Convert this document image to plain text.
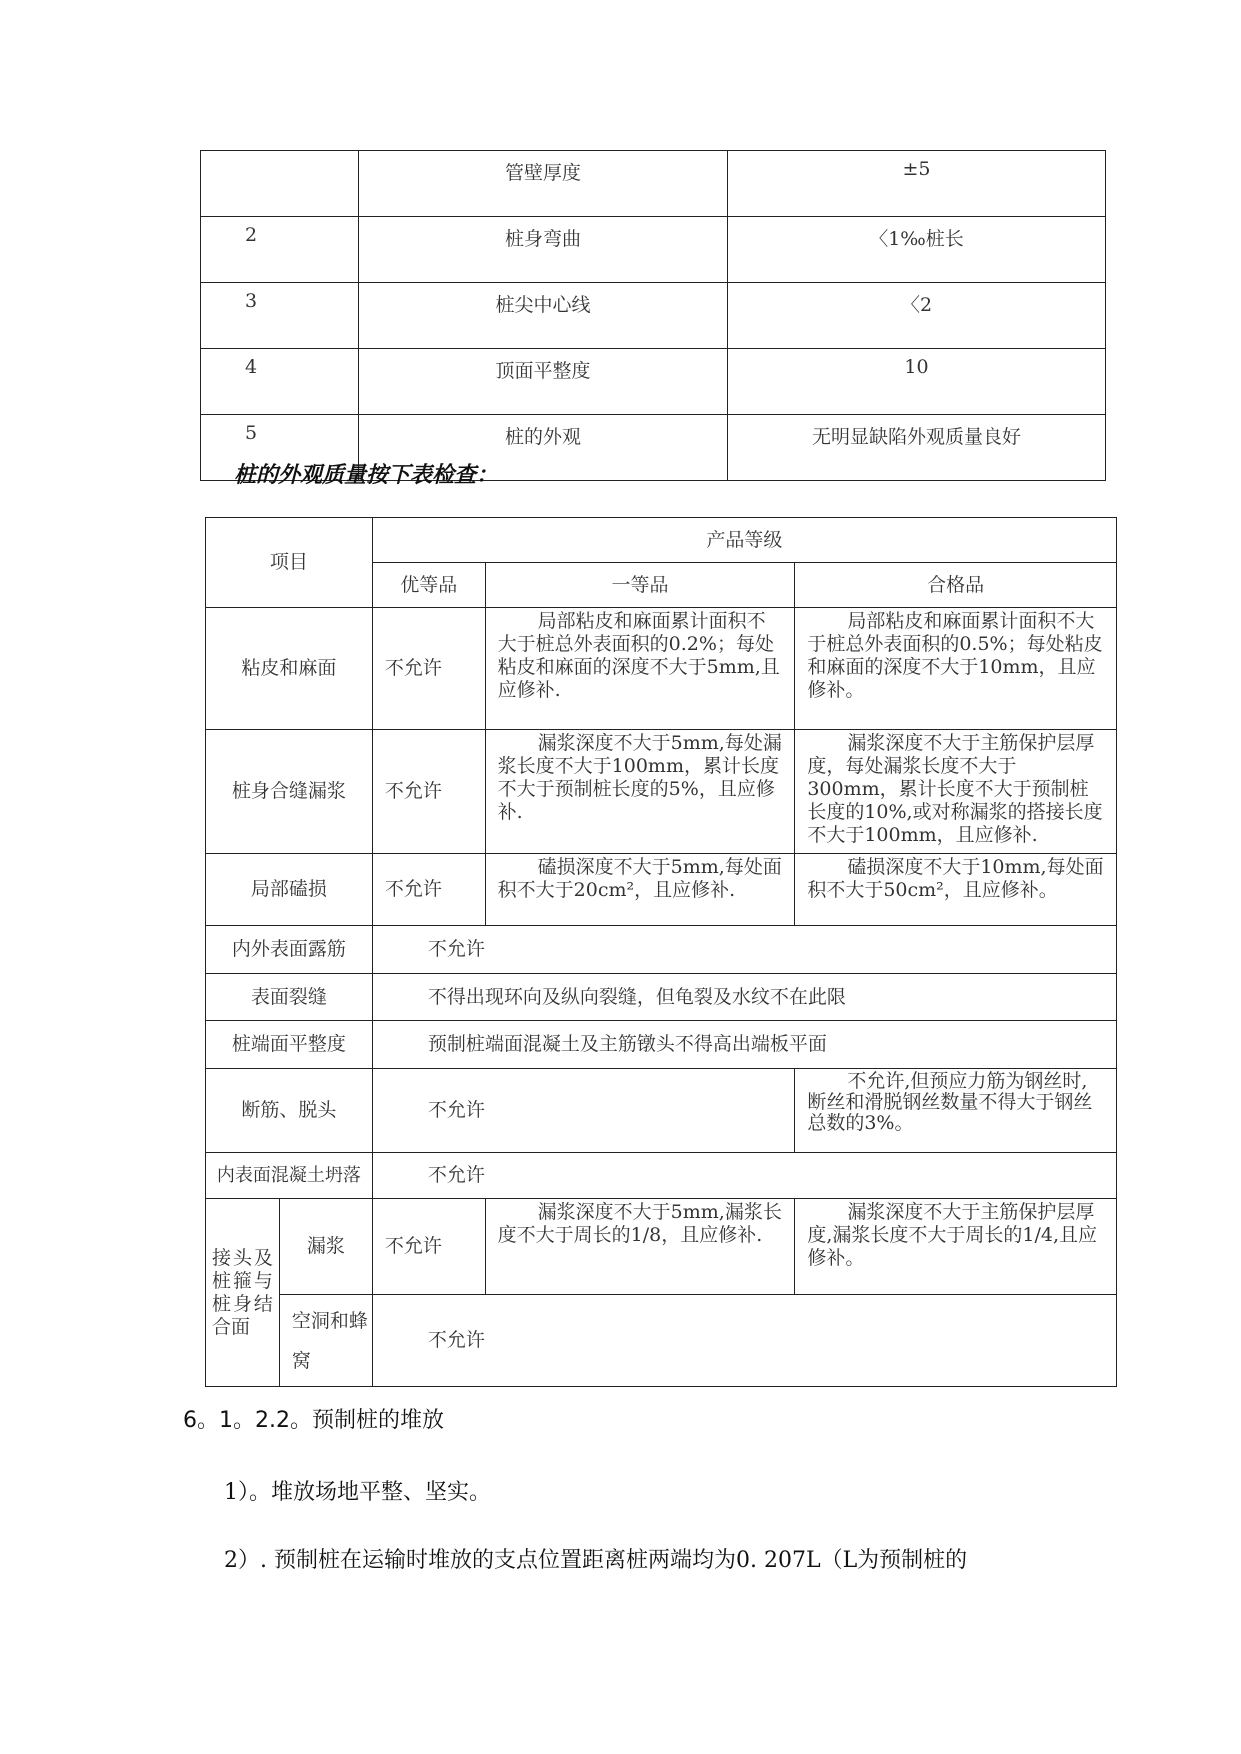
	管壁厚度	±5
2	桩身弯曲	〈1‰桩长
3	桩尖中心线	〈2
4	顶面平整度	10
5	桩的外观	无明显缺陷外观质量良好
桩的外观质量按下表检查：
项目		产品等级		
		优等品	一等品	合格品
粘皮和麻面		不允许	局部粘皮和麻面累计面积不大于桩总外表面积的0.2%；每处粘皮和麻面的深度不大于5mm,且应修补.	局部粘皮和麻面累计面积不大于桩总外表面积的0.5%；每处粘皮和麻面的深度不大于10mm，且应修补。
桩身合缝漏浆		不允许	漏浆深度不大于5mm,每处漏浆长度不大于100mm，累计长度不大于预制桩长度的5%，且应修补.	漏浆深度不大于主筋保护层厚度，每处漏浆长度不大于300mm，累计长度不大于预制桩长度的10%,或对称漏浆的搭接长度不大于100mm，且应修补.
局部磕损		不允许	磕损深度不大于5mm,每处面积不大于20cm²，且应修补.	磕损深度不大于10mm,每处面积不大于50cm²，且应修补。
内外表面露筋		不允许		
表面裂缝		不得出现环向及纵向裂缝，但龟裂及水纹不在此限		
桩端面平整度		预制桩端面混凝土及主筋镦头不得高出端板平面		
断筋、脱头		不允许		不允许,但预应力筋为钢丝时,断丝和滑脱钢丝数量不得大于钢丝总数的3%。
内表面混凝土坍落		不允许		
接头及桩箍与桩身结合面	漏浆	不允许	漏浆深度不大于5mm,漏浆长度不大于周长的1/8，且应修补.	漏浆深度不大于主筋保护层厚度,漏浆长度不大于周长的1/4,且应修补。
	空洞和蜂窝	不允许		
6。1。2.2。预制桩的堆放
1）。堆放场地平整、坚实。
2）. 预制桩在运输时堆放的支点位置距离桩两端均为0. 207L（L为预制桩的
